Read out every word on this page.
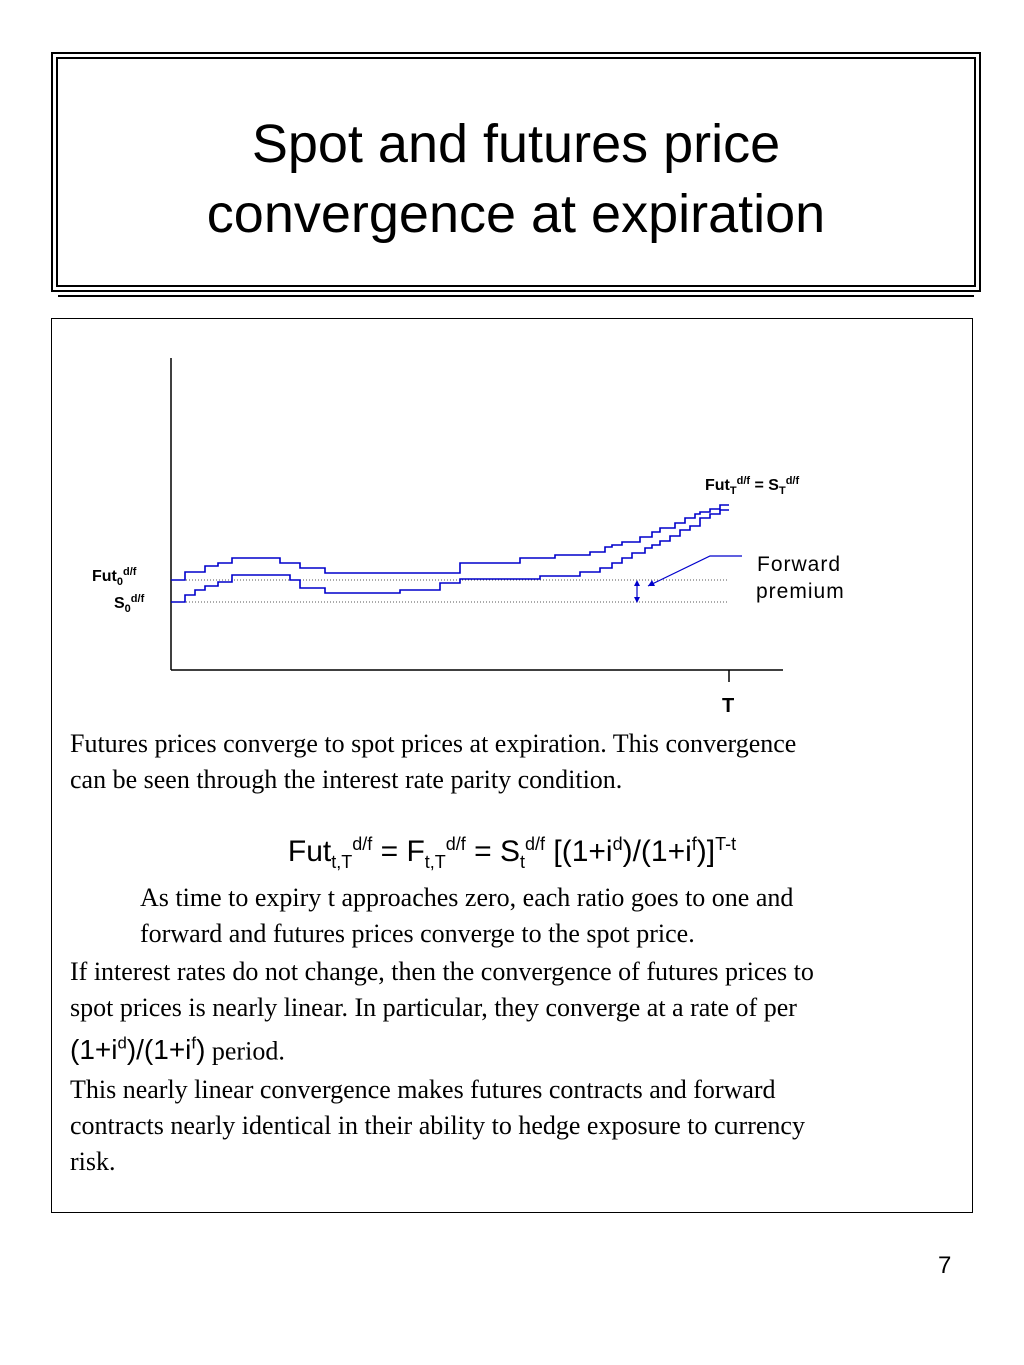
Spot and futures price
convergence at expiration
$Fut_T^{d/f} = S_T^{d/f}$
Fut$_0^{d/f}$
$S_0^{d/f}$
Forward
premium
T
Futures prices converge to spot prices at expiration. This convergence
can be seen through the interest rate parity condition.
$Fut_{t,T}^{d/f} = F_{t,T}^{d/f} = S_t^{d/f}$ $[(1+i^d)/(1+i^f)]^{T-t}$
As time to expiry t approaches zero, each ratio goes to one and
forward and futures prices converge to the spot price.
If interest rates do not change, then the convergence of futures prices to
spot prices is nearly linear. In particular, they converge at a rate of per
$(1+i^d)/(1+i^f)$ period.
This nearly linear convergence makes futures contracts and forward
contracts nearly identical in their ability to hedge exposure to currency
risk.
7
